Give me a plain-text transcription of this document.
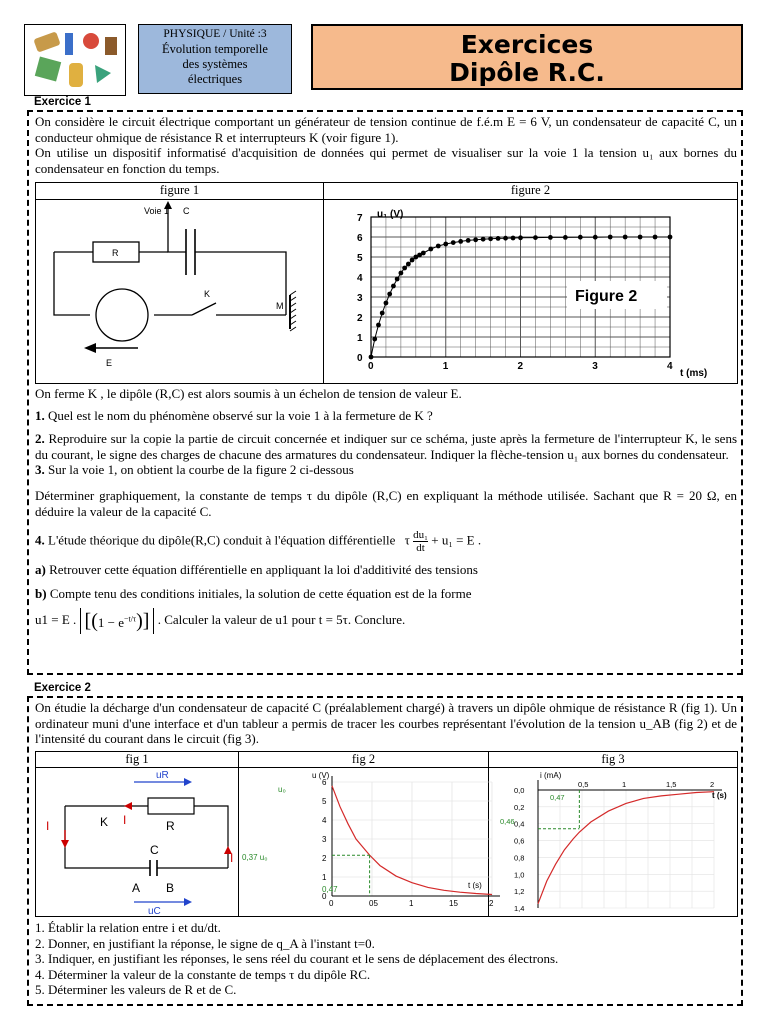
PHYSIQUE / Unité :3
Évolution temporelle
des systèmes
électriques
Exercices
Dipôle R.C.
Exercice 1

On considère le circuit électrique comportant un générateur de tension continue de f.é.m E = 6 V, un condensateur de capacité C, un conducteur ohmique de résistance R et interrupteurs K (voir figure 1).

On utilise un dispositif informatisé d'acquisition de données qui permet de visualiser sur la voie 1 la tension u₁ aux bornes du condensateur en fonction du temps.

figure 1	figure 2
Voie 1 C
R
K
M
E	0	1	2	3	4
0
1
2
3
4
5
6
7
Figure 2
u₁ (V)
t (ms)

On ferme K , le dipôle (R,C) est alors soumis à un échelon de tension de valeur E.

1. Quel est le nom du phénomène observé sur la voie 1 à la fermeture de K ?

2. Reproduire sur la copie la partie de circuit concernée et indiquer sur ce schéma, juste après la fermeture de l'interrupteur K, le sens du courant, le signe des charges de chacune des armatures du condensateur. Indiquer la flèche-tension u₁ aux bornes du condensateur.

3. Sur la voie 1, on obtient la courbe de la figure 2 ci-dessous

Déterminer graphiquement, la constante de temps τ du dipôle (R,C) en expliquant la méthode utilisée. Sachant que R = 20 Ω, en déduire la valeur de la capacité C.

4. L'étude théorique du dipôle(R,C) conduit à l'équation différentielle τ $\frac{\text{du₁}}{dt} + u_1 = E$ .

a) Retrouver cette équation différentielle en appliquant la loi d'additivité des tensions

b) Compte tenu des conditions initiales, la solution de cette équation est de la forme

u1 = E . $[(1 - e^{-t/\tau})]$ . Calculer la valeur de u1 pour t = 5τ. Conclure.

Exercice 2

On étudie la décharge d'un condensateur de capacité C (préalablement chargé) à travers un dipôle ohmique de résistance R (fig 1). Un ordinateur muni d'une interface et d'un tableur a permis de tracer les courbes représentant l'évolution de la tension u_AB (fig 2) et de l'intensité du courant dans le circuit (fig 3).

fig 1	fig 2	fig 3
uR
I	K I	R
C
I
A B
uC
0
1
2
3
4
5
6
0	05	1	15	2
u (V)
u₀
0,37 u₀
0,47	t (s)
0,0
0,2
0,4
0,6
0,8
1,0
1,2
1,4
0,5	1	1,5	2
i (mA)
t (s)
0,47
0,46

1. Établir la relation entre i et du/dt.

2. Donner, en justifiant la réponse, le signe de q_A à l'instant t=0.

3. Indiquer, en justifiant les réponses, le sens réel du courant et le sens de déplacement des électrons.

4. Déterminer la valeur de la constante de temps τ du dipôle RC.

5. Déterminer les valeurs de R et de C.
